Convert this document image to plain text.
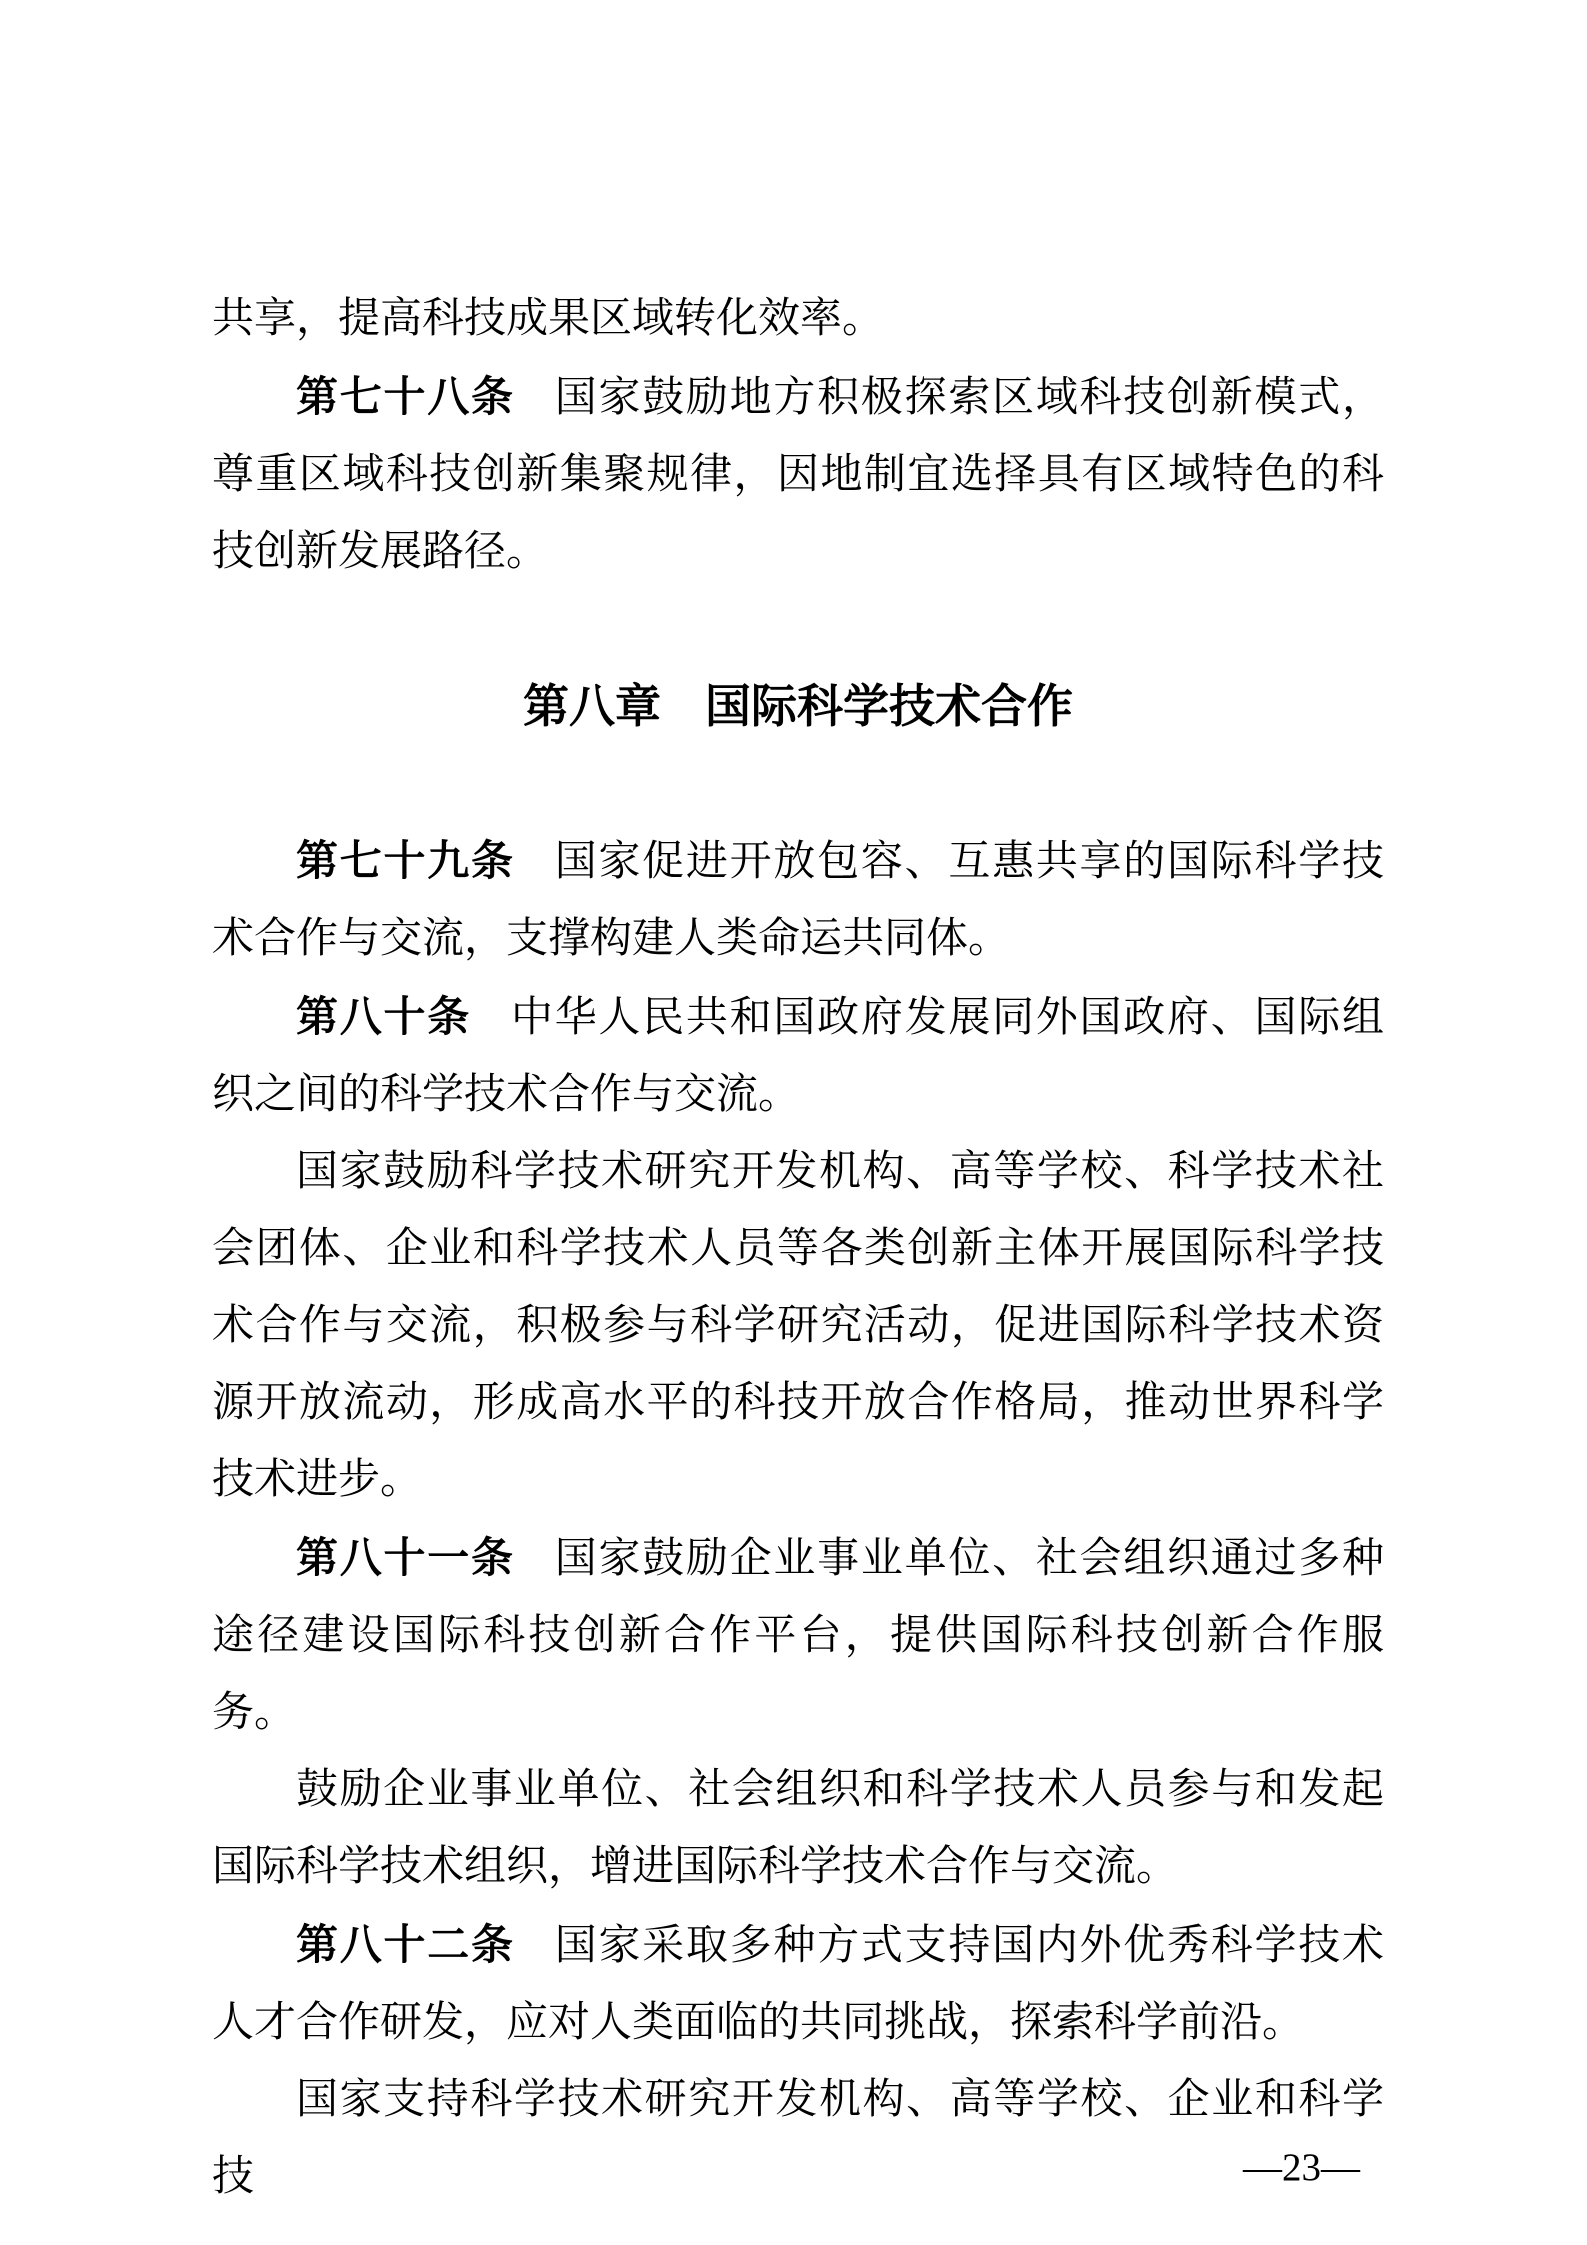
共享，提高科技成果区域转化效率。

第七十八条 国家鼓励地方积极探索区域科技创新模式，尊重区域科技创新集聚规律，因地制宜选择具有区域特色的科技创新发展路径。

第八章 国际科学技术合作

第七十九条 国家促进开放包容、互惠共享的国际科学技术合作与交流，支撑构建人类命运共同体。

第八十条 中华人民共和国政府发展同外国政府、国际组织之间的科学技术合作与交流。

国家鼓励科学技术研究开发机构、高等学校、科学技术社会团体、企业和科学技术人员等各类创新主体开展国际科学技术合作与交流，积极参与科学研究活动，促进国际科学技术资源开放流动，形成高水平的科技开放合作格局，推动世界科学技术进步。

第八十一条 国家鼓励企业事业单位、社会组织通过多种途径建设国际科技创新合作平台，提供国际科技创新合作服务。

鼓励企业事业单位、社会组织和科学技术人员参与和发起国际科学技术组织，增进国际科学技术合作与交流。

第八十二条 国家采取多种方式支持国内外优秀科学技术人才合作研发，应对人类面临的共同挑战，探索科学前沿。

国家支持科学技术研究开发机构、高等学校、企业和科学技	—23—
